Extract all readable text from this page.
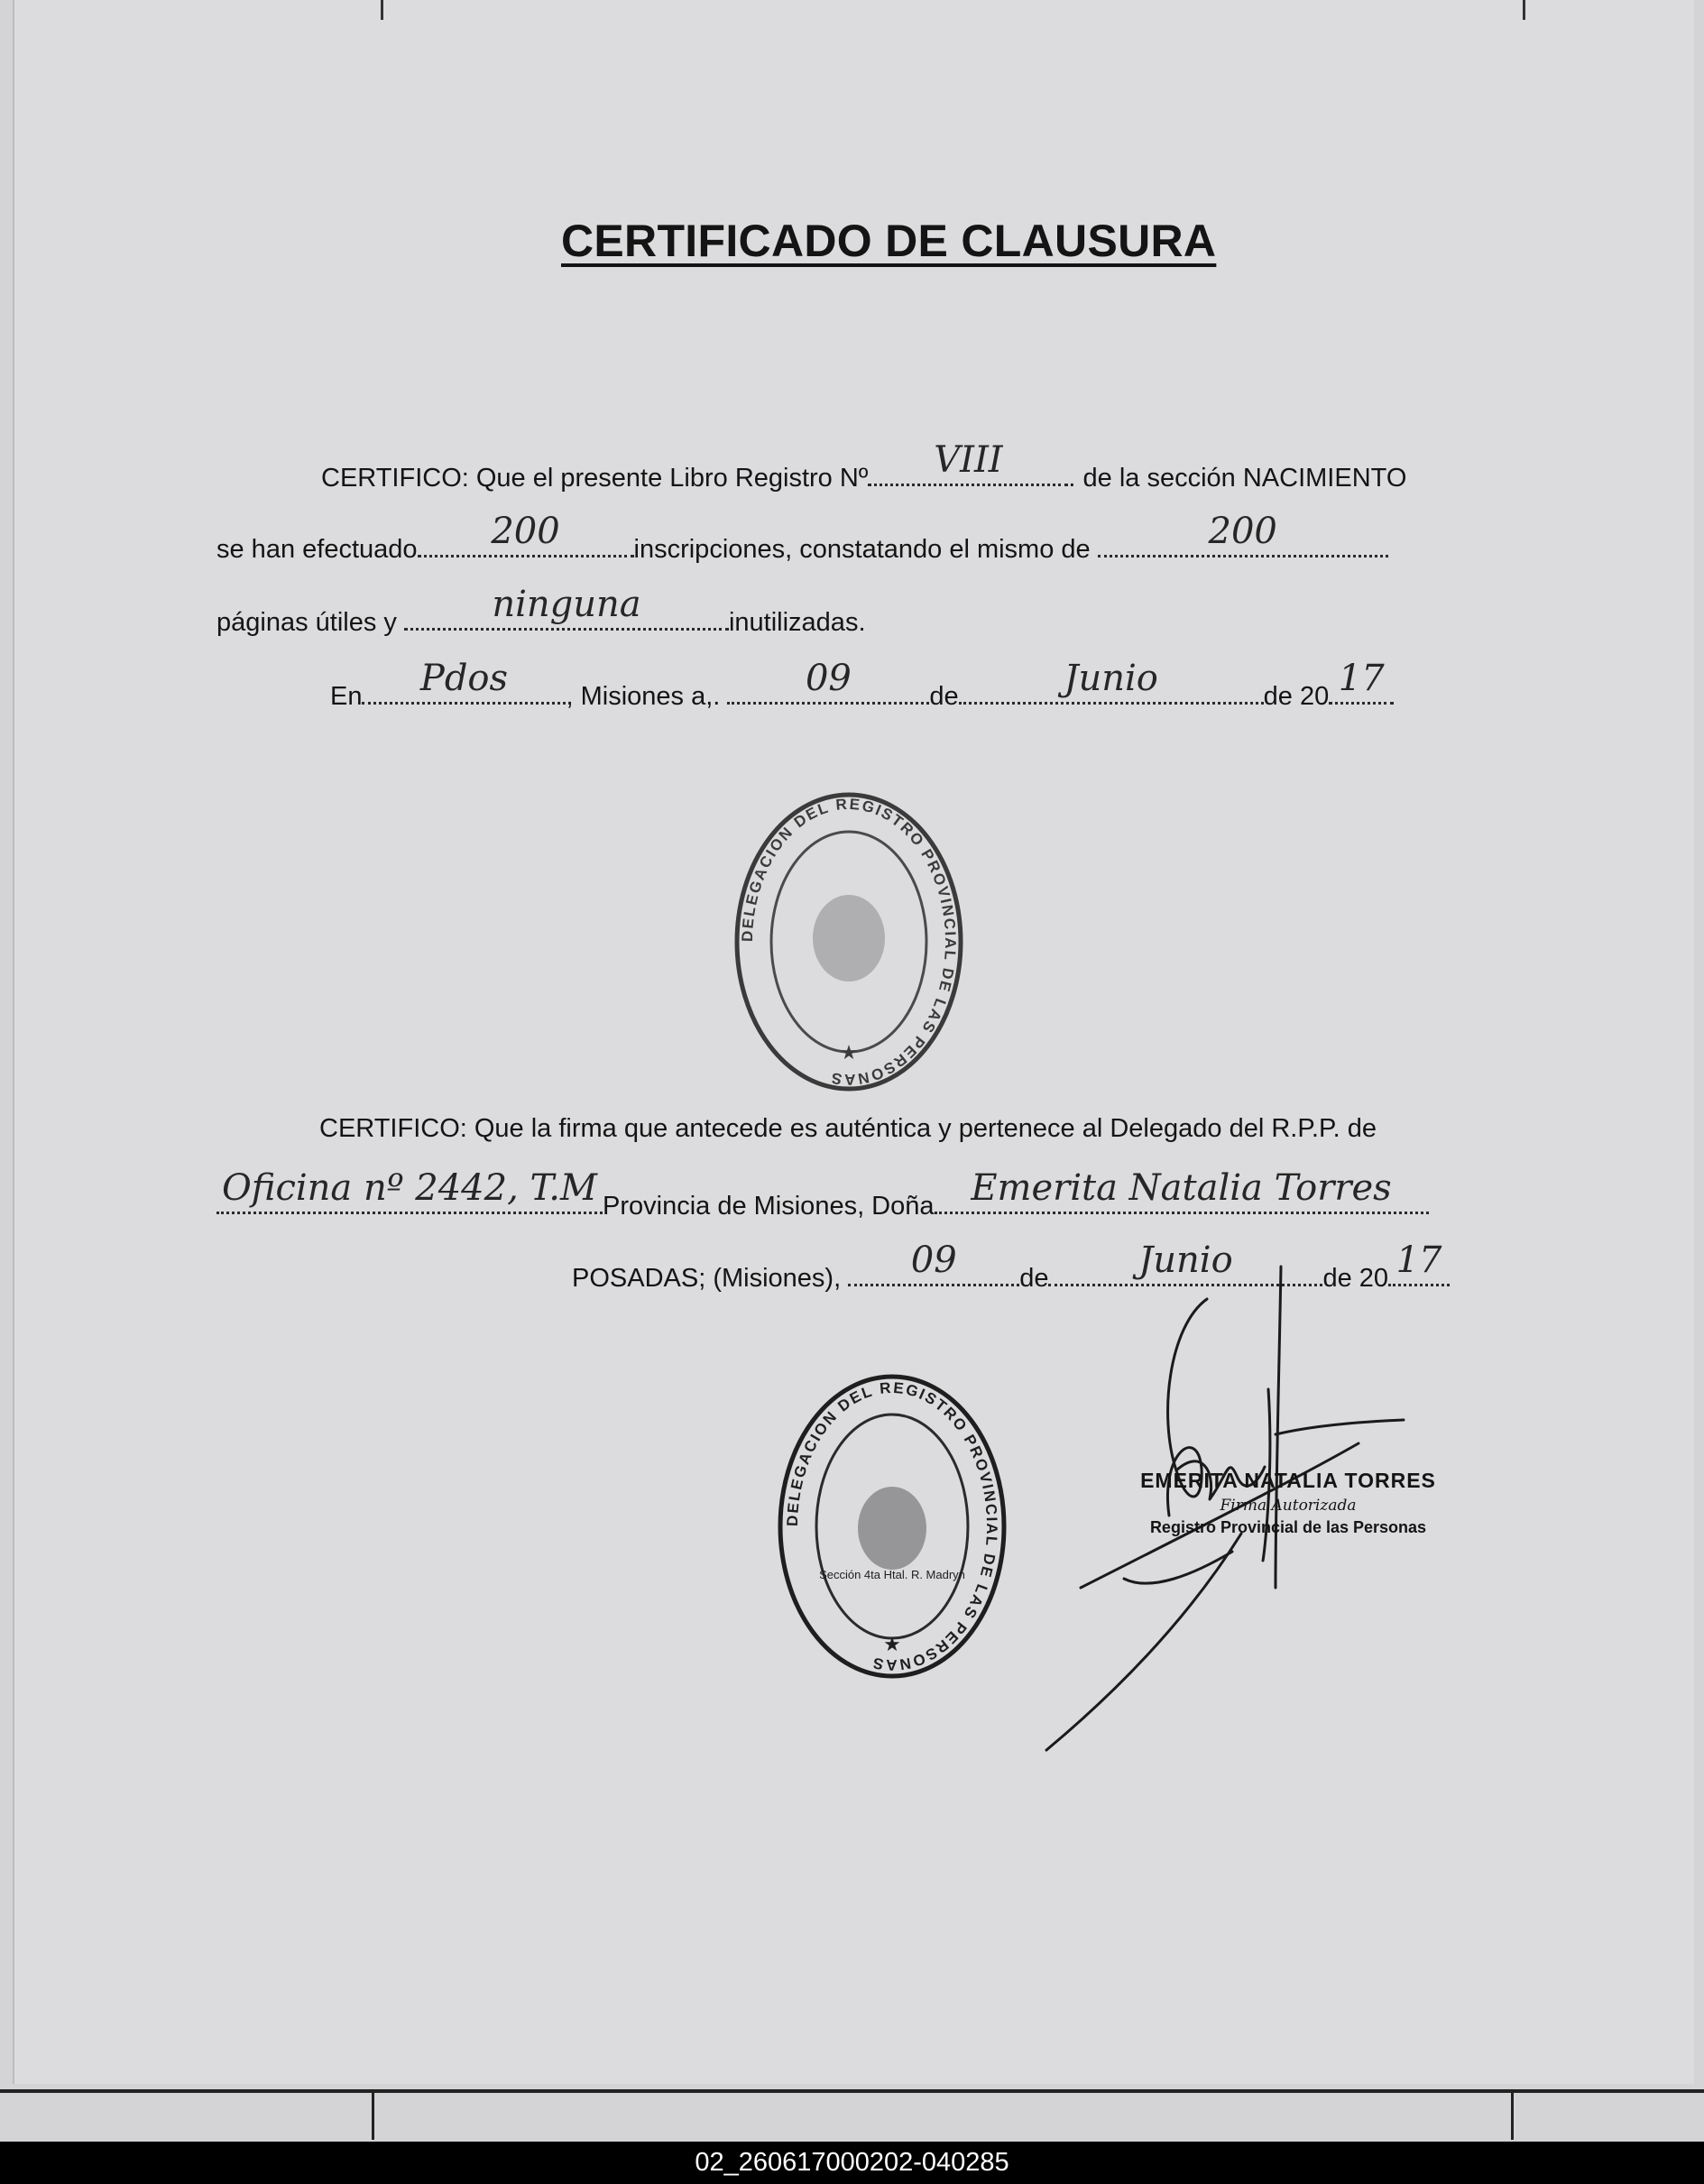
CERTIFICADO DE CLAUSURA
CERTIFICO: Que el presente Libro Registro Nº	VIII	. de la sección NACIMIENTO
se han efectuado	200	inscripciones, constatando el mismo de	200
páginas útiles y	ninguna	inutilizadas.
En	Pdos	, Misiones a,.	09	de	Junio	de 20 17
DELEGACION DEL REGISTRO PROVINCIAL DE LAS PERSONAS
★
CERTIFICO: Que la firma que antecede es auténtica y pertenece al Delegado del R.P.P. de
Oficina nº 2442, T.M Provincia de Misiones, Doña	Emerita Natalia Torres
POSADAS; (Misiones),	09	de	Junio	de 20 17
DELEGACION DEL REGISTRO PROVINCIAL DE LAS PERSONAS
Sección 4ta Htal. R. Madryn
★
EMERITA NATALIA TORRES
Firma Autorizada
Registro Provincial de las Personas
02_260617000202-040285
